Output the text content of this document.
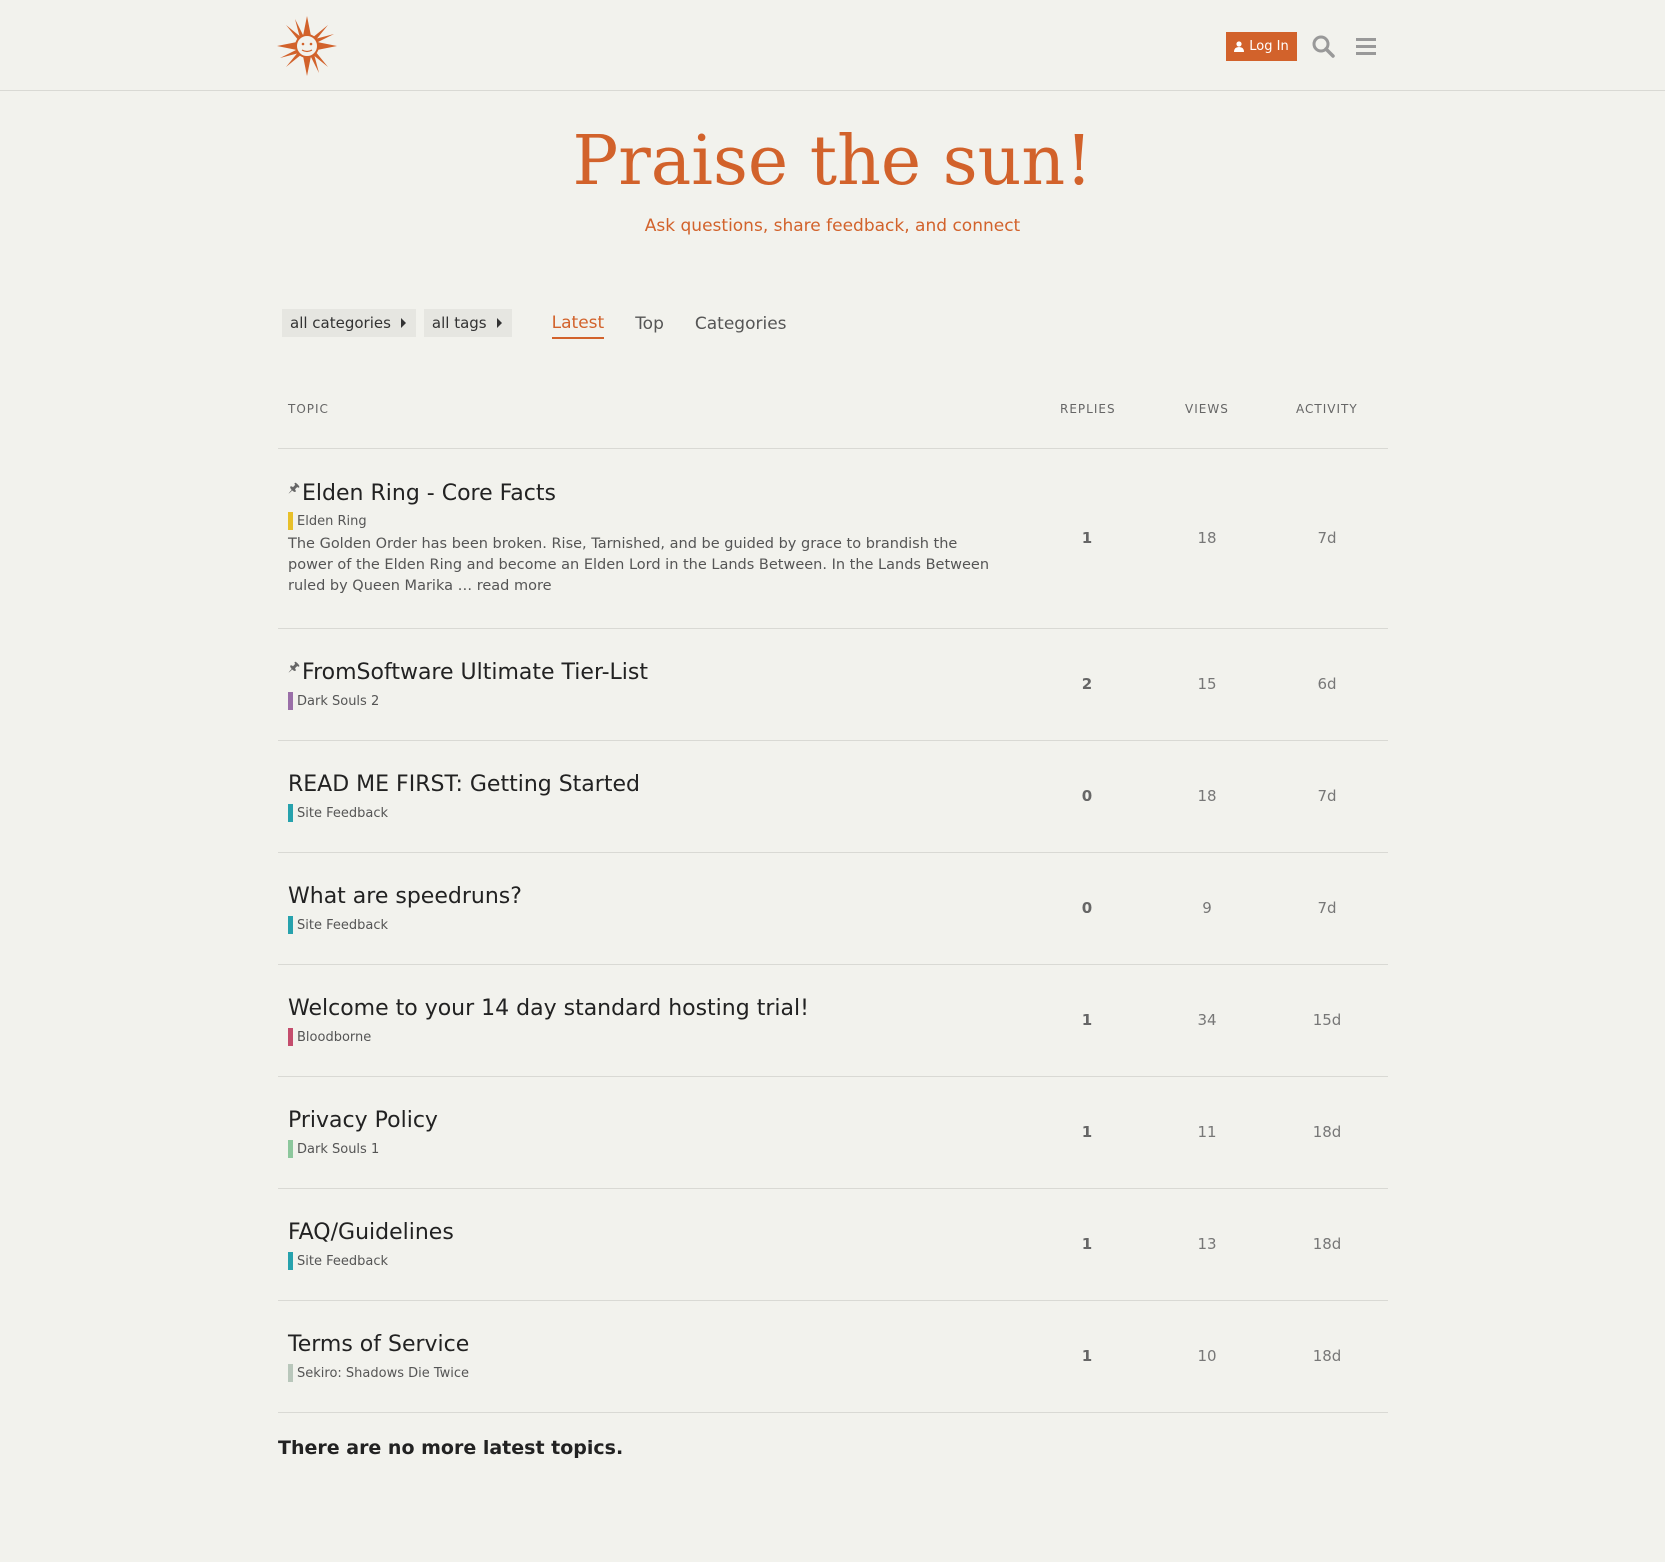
Log In
Praise the sun!
Ask questions, share feedback, and connect
all categories	all tags	Latest Top Categories
TOPIC	REPLIES	VIEWS	ACTIVITY
🖈Elden Ring - Core Facts
Elden Ring
The Golden Order has been broken. Rise, Tarnished, and be guided by grace to brandish the power of the Elden Ring and become an Elden Lord in the Lands Between. In the Lands Between ruled by Queen Marika … read more
1	18	7d
🖈FromSoftware Ultimate Tier-List
Dark Souls 2
2	15	6d
READ ME FIRST: Getting Started
Site Feedback
0	18	7d
What are speedruns?
Site Feedback
0	9	7d
Welcome to your 14 day standard hosting trial!
Bloodborne
1	34	15d
Privacy Policy
Dark Souls 1
1	11	18d
FAQ/Guidelines
Site Feedback
1	13	18d
Terms of Service
Sekiro: Shadows Die Twice
1	10	18d
There are no more latest topics.
